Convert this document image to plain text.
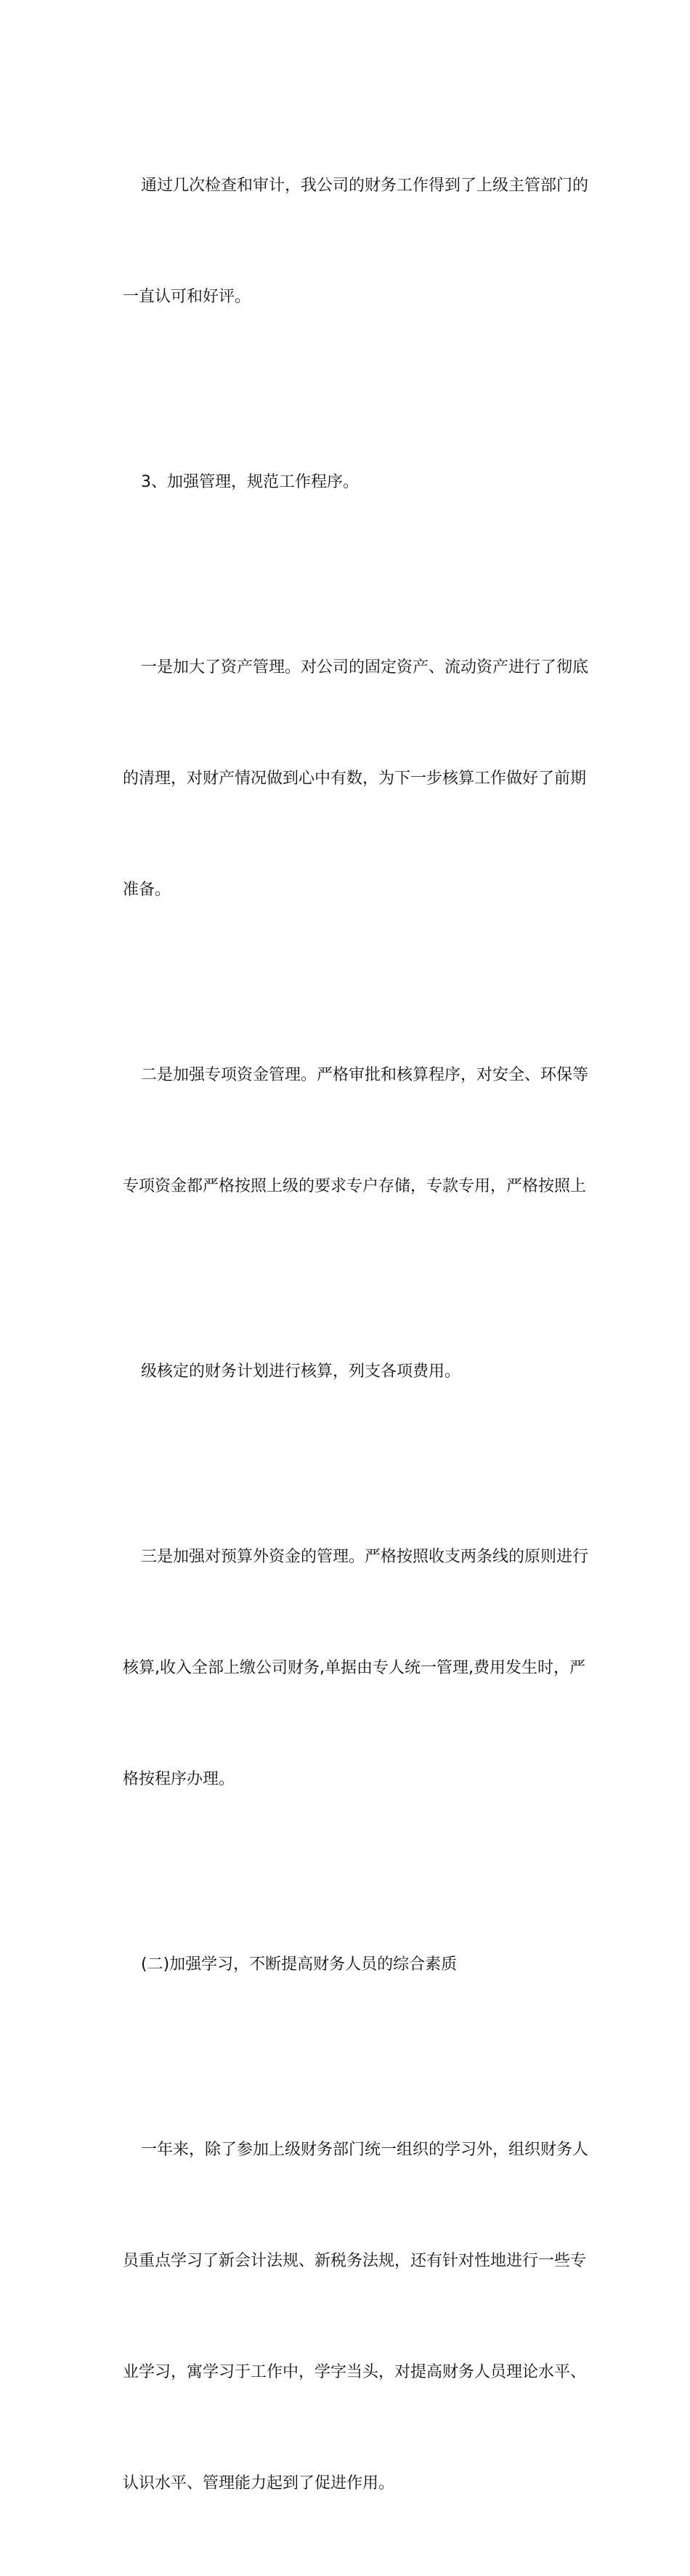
通过几次检查和审计，我公司的财务工作得到了上级主管部门的

一直认可和好评。

3、加强管理，规范工作程序。

一是加大了资产管理。对公司的固定资产、流动资产进行了彻底

的清理，对财产情况做到心中有数，为下一步核算工作做好了前期

准备。

二是加强专项资金管理。严格审批和核算程序，对安全、环保等

专项资金都严格按照上级的要求专户存储，专款专用，严格按照上

级核定的财务计划进行核算，列支各项费用。

三是加强对预算外资金的管理。严格按照收支两条线的原则进行

核算,收入全部上缴公司财务,单据由专人统一管理,费用发生时，严

格按程序办理。

(二)加强学习，不断提高财务人员的综合素质

一年来，除了参加上级财务部门统一组织的学习外，组织财务人

员重点学习了新会计法规、新税务法规，还有针对性地进行一些专

业学习，寓学习于工作中，学字当头，对提高财务人员理论水平、

认识水平、管理能力起到了促进作用。
